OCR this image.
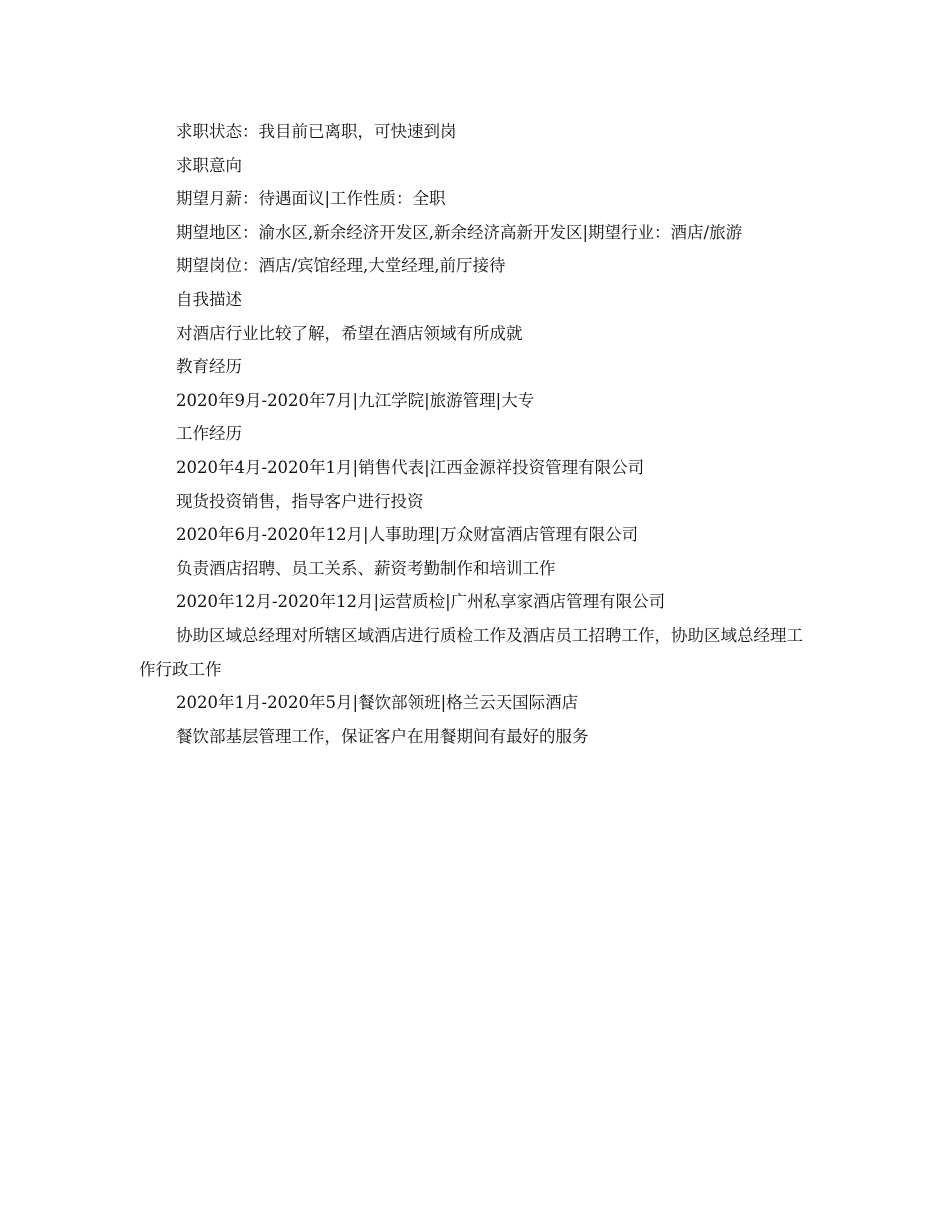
求职状态：我目前已离职，可快速到岗

求职意向

期望月薪：待遇面议|工作性质：全职

期望地区：渝水区,新余经济开发区,新余经济高新开发区|期望行业：酒店/旅游

期望岗位：酒店/宾馆经理,大堂经理,前厅接待

自我描述

对酒店行业比较了解，希望在酒店领域有所成就

教育经历

2020年9月-2020年7月|九江学院|旅游管理|大专

工作经历

2020年4月-2020年1月|销售代表|江西金源祥投资管理有限公司

现货投资销售，指导客户进行投资

2020年6月-2020年12月|人事助理|万众财富酒店管理有限公司

负责酒店招聘、员工关系、薪资考勤制作和培训工作

2020年12月-2020年12月|运营质检|广州私享家酒店管理有限公司

协助区域总经理对所辖区域酒店进行质检工作及酒店员工招聘工作，协助区域总经理工作行政工作

2020年1月-2020年5月|餐饮部领班|格兰云天国际酒店

餐饮部基层管理工作，保证客户在用餐期间有最好的服务
